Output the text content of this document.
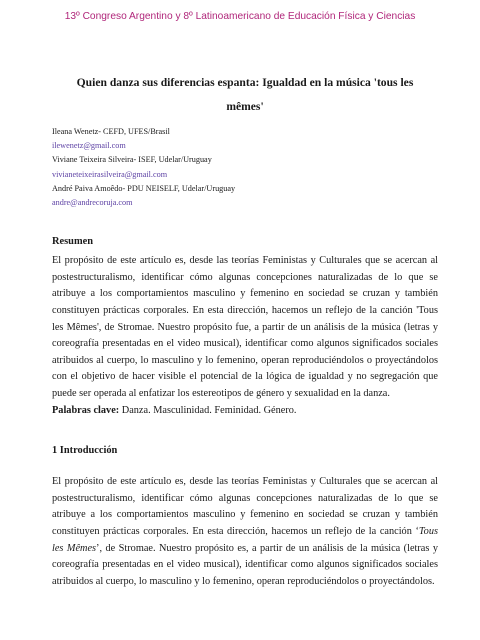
13º Congreso Argentino y 8º Latinoamericano de Educación Física y Ciencias
Quien danza sus diferencias espanta: Igualdad en la música 'tous les mêmes'
Ileana Wenetz- CEFD, UFES/Brasil
ilewenetz@gmail.com
Viviane Teixeira Silveira- ISEF, Udelar/Uruguay
vivianeteixeirasilveira@gmail.com
André Paiva Amoêdo- PDU NEISELF, Udelar/Uruguay
andre@andrecoruja.com
Resumen

El propósito de este artículo es, desde las teorías Feministas y Culturales que se acercan al postestructuralismo, identificar cómo algunas concepciones naturalizadas de lo que se atribuye a los comportamientos masculino y femenino en sociedad se cruzan y también constituyen prácticas corporales. En esta dirección, hacemos un reflejo de la canción 'Tous les Mêmes', de Stromae. Nuestro propósito fue, a partir de un análisis de la música (letras y coreografía presentadas en el video musical), identificar como algunos significados sociales atribuidos al cuerpo, lo masculino y lo femenino, operan reproduciéndolos o proyectándolos con el objetivo de hacer visible el potencial de la lógica de igualdad y no segregación que puede ser operada al enfatizar los estereotipos de género y sexualidad en la danza.

Palabras clave: Danza. Masculinidad. Feminidad. Género.

1 Introducción

El propósito de este artículo es, desde las teorías Feministas y Culturales que se acercan al postestructuralismo, identificar cómo algunas concepciones naturalizadas de lo que se atribuye a los comportamientos masculino y femenino en sociedad se cruzan y también constituyen prácticas corporales. En esta dirección, hacemos un reflejo de la canción ‘Tous les Mêmes’, de Stromae. Nuestro propósito es, a partir de un análisis de la música (letras y coreografía presentadas en el video musical), identificar como algunos significados sociales atribuidos al cuerpo, lo masculino y lo femenino, operan reproduciéndolos o proyectándolos.
